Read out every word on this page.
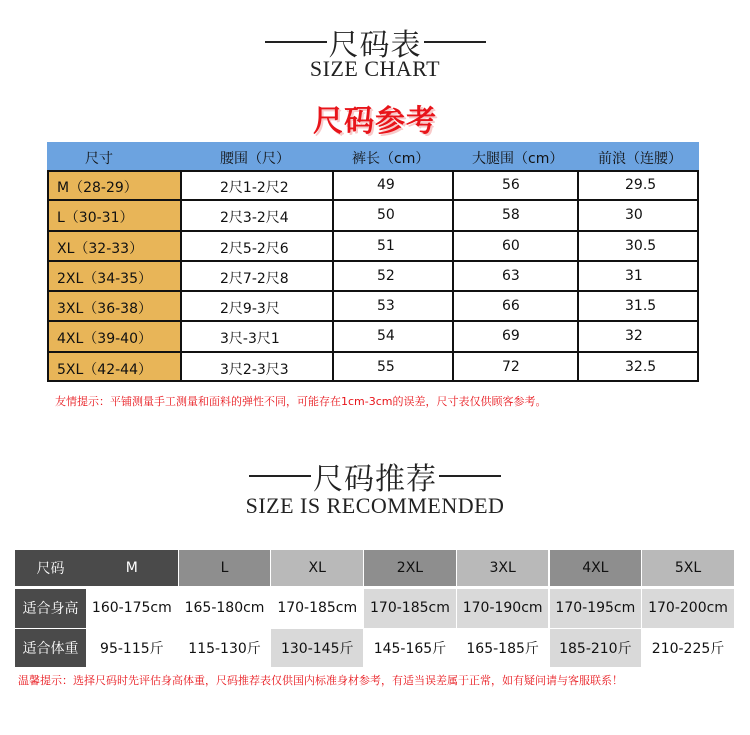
尺码表
SIZE CHART
尺码参考
尺寸	腰围（尺）	裤长（cm）	大腿围（cm） 前浪（连腰）
M（28-29）	2尺1-2尺2	49	56	29.5
L（30-31）	2尺3-2尺4	50	58	30
XL（32-33）	2尺5-2尺6	51	60	30.5
2XL（34-35）	2尺7-2尺8	52	63	31
3XL（36-38）	2尺9-3尺	53	66	31.5
4XL（39-40）	3尺-3尺1	54	69	32
5XL（42-44）	3尺2-3尺3	55	72	32.5
友情提示：平铺测量手工测量和面料的弹性不同，可能存在1cm-3cm的误差，尺寸表仅供顾客参考。
尺码推荐
SIZE IS RECOMMENDED
尺码	M	L	XL	2XL	3XL	4XL	5XL
适合身高 160-175cm 165-180cm 170-185cm 170-185cm 170-190cm 170-195cm 170-200cm
适合体重	95-115斤	115-130斤	130-145斤	145-165斤	165-185斤	185-210斤	210-225斤
温馨提示：选择尺码时先评估身高体重，尺码推荐表仅供国内标准身材参考，有适当误差属于正常，如有疑问请与客服联系！
